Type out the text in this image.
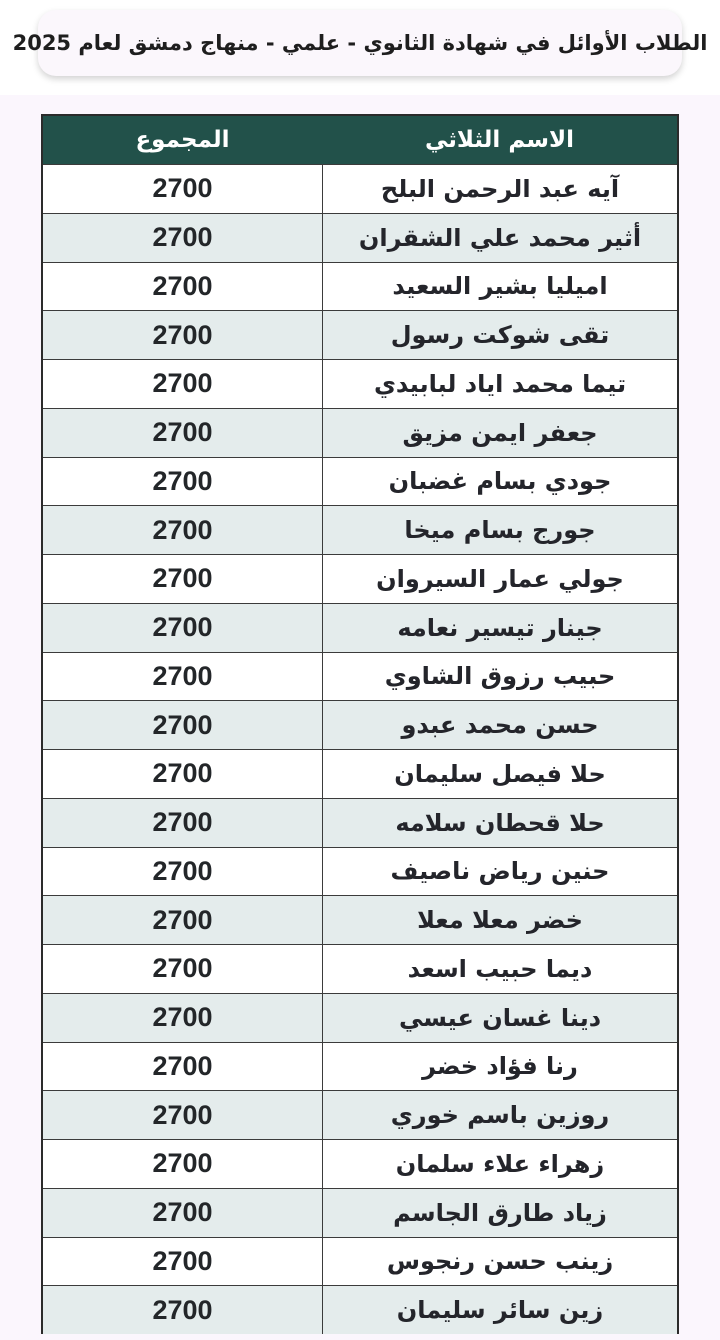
الطلاب الأوائل في شهادة الثانوي - علمي - منهاج دمشق لعام 2025
الاسم الثلاثي
المجموع
آيه عبد الرحمن البلح
2700
أثير محمد علي الشقران
2700
اميليا بشير السعيد
2700
تقى شوكت رسول
2700
تيما محمد اياد لبابيدي
2700
جعفر ايمن مزيق
2700
جودي بسام غضبان
2700
جورج بسام ميخا
2700
جولي عمار السيروان
2700
جينار تيسير نعامه
2700
حبيب رزوق الشاوي
2700
حسن محمد عبدو
2700
حلا فيصل سليمان
2700
حلا قحطان سلامه
2700
حنين رياض ناصيف
2700
خضر معلا معلا
2700
ديما حبيب اسعد
2700
دينا غسان عيسي
2700
رنا فؤاد خضر
2700
روزين باسم خوري
2700
زهراء علاء سلمان
2700
زياد طارق الجاسم
2700
زينب حسن رنجوس
2700
زين سائر سليمان
2700
